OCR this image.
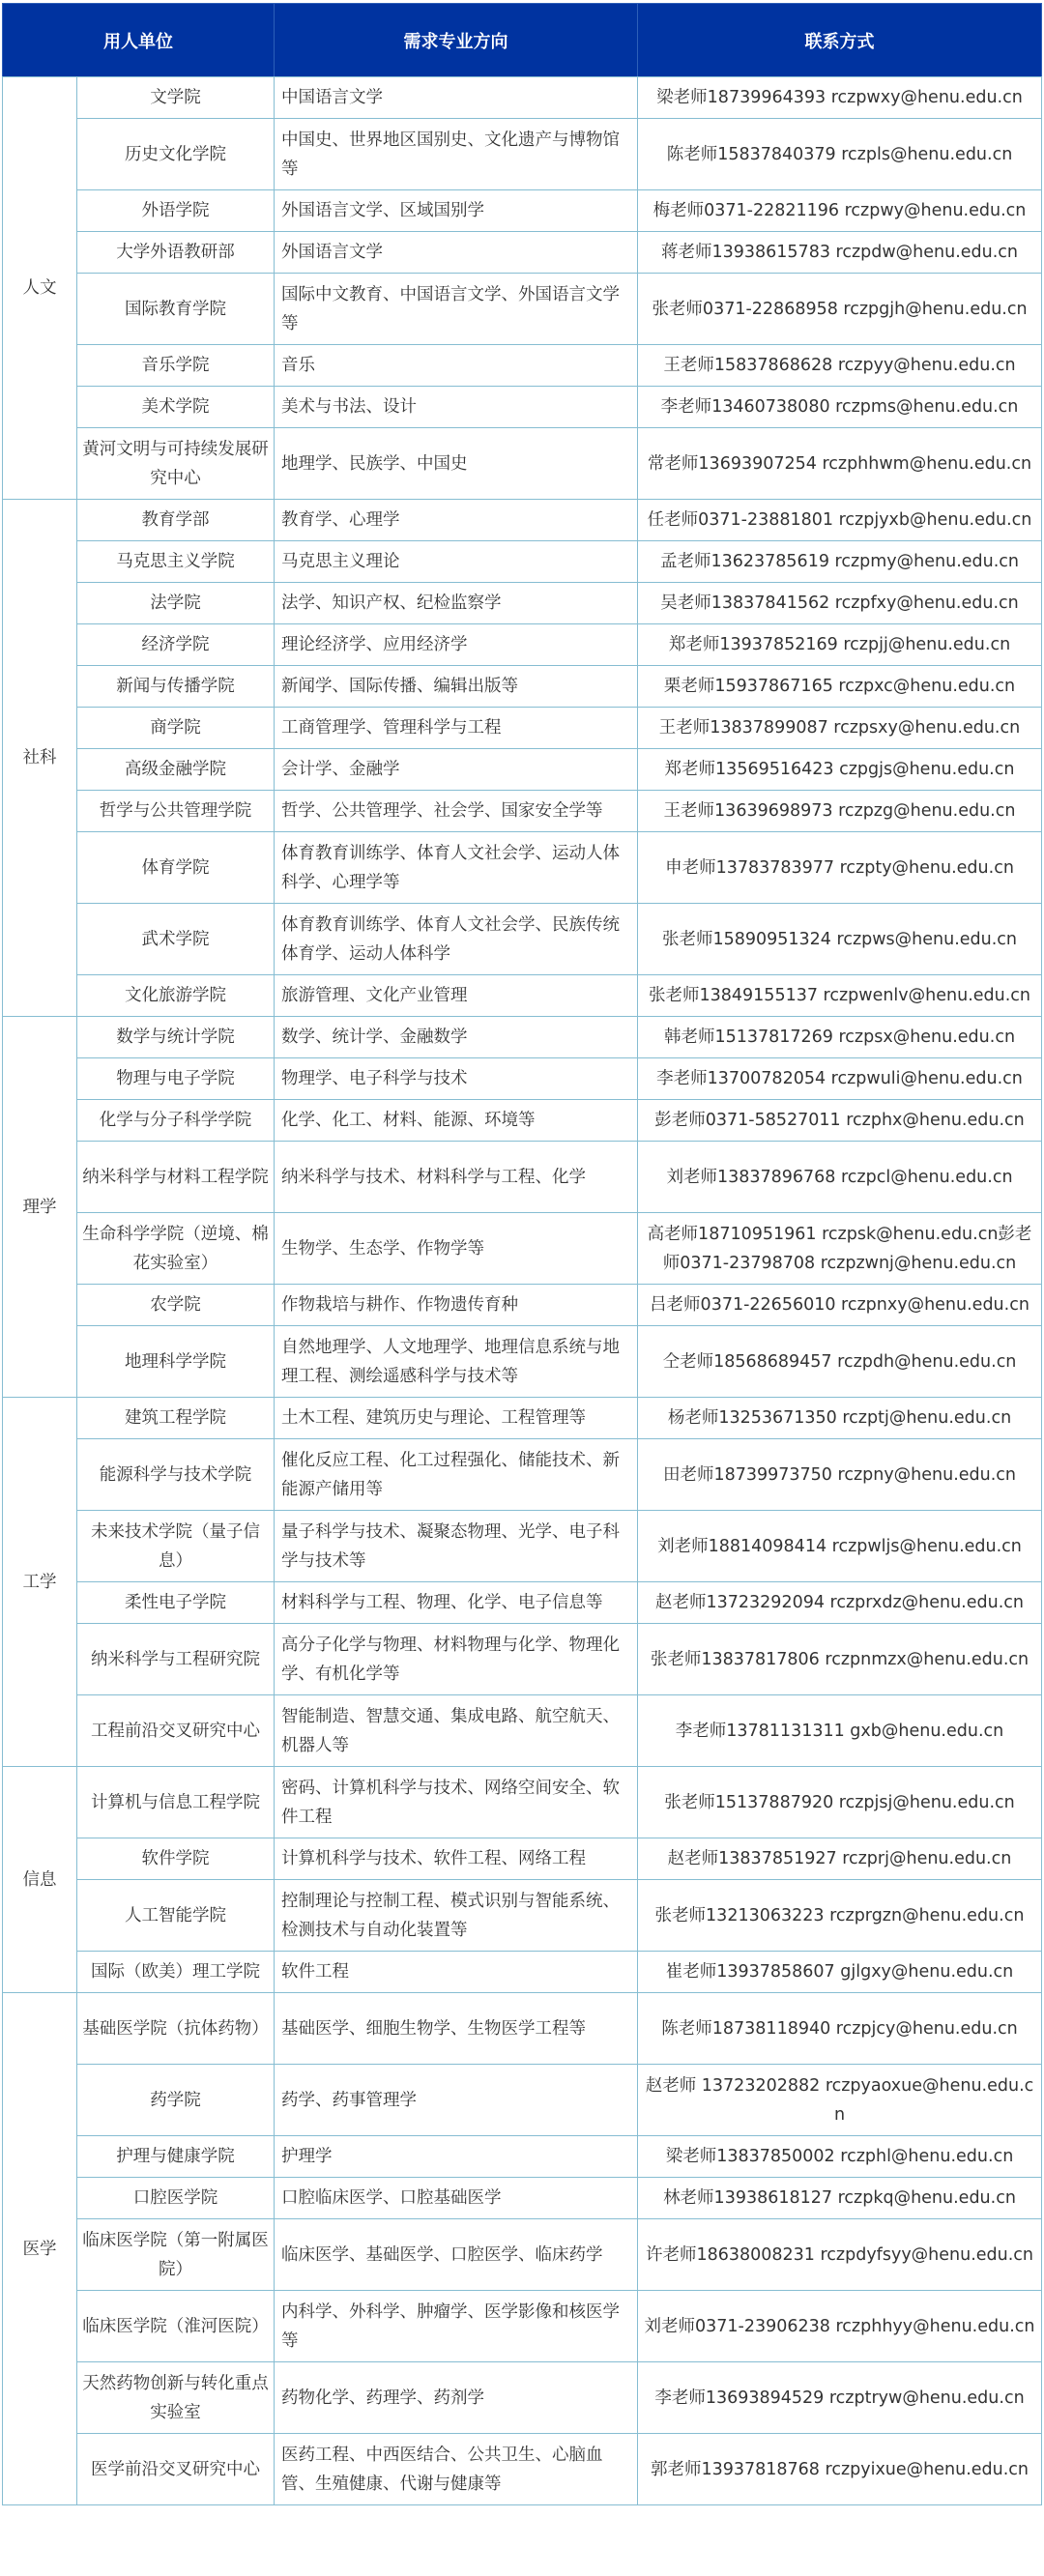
用人单位		需求专业方向	联系方式
人文	文学院	中国语言文学	梁老师18739964393 rczpwxy@henu.edu.cn
	历史文化学院	中国史、世界地区国别史、文化遗产与博物馆等	陈老师15837840379 rczpls@henu.edu.cn
	外语学院	外国语言文学、区域国别学	梅老师0371-22821196 rczpwy@henu.edu.cn
	大学外语教研部	外国语言文学	蒋老师13938615783 rczpdw@henu.edu.cn
	国际教育学院	国际中文教育、中国语言文学、外国语言文学等	张老师0371-22868958 rczpgjh@henu.edu.cn
	音乐学院	音乐	王老师15837868628 rczpyy@henu.edu.cn
	美术学院	美术与书法、设计	李老师13460738080 rczpms@henu.edu.cn
	黄河文明与可持续发展研究中心	地理学、民族学、中国史	常老师13693907254 rczphhwm@henu.edu.cn
社科	教育学部	教育学、心理学	任老师0371-23881801 rczpjyxb@henu.edu.cn
	马克思主义学院	马克思主义理论	孟老师13623785619 rczpmy@henu.edu.cn
	法学院	法学、知识产权、纪检监察学	吴老师13837841562 rczpfxy@henu.edu.cn
	经济学院	理论经济学、应用经济学	郑老师13937852169 rczpjj@henu.edu.cn
	新闻与传播学院	新闻学、国际传播、编辑出版等	栗老师15937867165 rczpxc@henu.edu.cn
	商学院	工商管理学、管理科学与工程	王老师13837899087 rczpsxy@henu.edu.cn
	高级金融学院	会计学、金融学	郑老师13569516423 czpgjs@henu.edu.cn
	哲学与公共管理学院	哲学、公共管理学、社会学、国家安全学等	王老师13639698973 rczpzg@henu.edu.cn
	体育学院	体育教育训练学、体育人文社会学、运动人体科学、心理学等	申老师13783783977 rczpty@henu.edu.cn
	武术学院	体育教育训练学、体育人文社会学、民族传统体育学、运动人体科学	张老师15890951324 rczpws@henu.edu.cn
	文化旅游学院	旅游管理、文化产业管理	张老师13849155137 rczpwenlv@henu.edu.cn
理学	数学与统计学院	数学、统计学、金融数学	韩老师15137817269 rczpsx@henu.edu.cn
	物理与电子学院	物理学、电子科学与技术	李老师13700782054 rczpwuli@henu.edu.cn
	化学与分子科学学院	化学、化工、材料、能源、环境等	彭老师0371-58527011 rczphx@henu.edu.cn
	纳米科学与材料工程学院	纳米科学与技术、材料科学与工程、化学	刘老师13837896768 rczpcl@henu.edu.cn
	生命科学学院（逆境、棉花实验室）	生物学、生态学、作物学等	高老师18710951961 rczpsk@henu.edu.cn彭老师0371-23798708 rczpzwnj@henu.edu.cn
	农学院	作物栽培与耕作、作物遗传育种	吕老师0371-22656010 rczpnxy@henu.edu.cn
	地理科学学院	自然地理学、人文地理学、地理信息系统与地理工程、测绘遥感科学与技术等	仝老师18568689457 rczpdh@henu.edu.cn
工学	建筑工程学院	土木工程、建筑历史与理论、工程管理等	杨老师13253671350 rczptj@henu.edu.cn
	能源科学与技术学院	催化反应工程、化工过程强化、储能技术、新能源产储用等	田老师18739973750 rczpny@henu.edu.cn
	未来技术学院（量子信息）	量子科学与技术、凝聚态物理、光学、电子科学与技术等	刘老师18814098414 rczpwljs@henu.edu.cn
	柔性电子学院	材料科学与工程、物理、化学、电子信息等	赵老师13723292094 rczprxdz@henu.edu.cn
	纳米科学与工程研究院	高分子化学与物理、材料物理与化学、物理化学、有机化学等	张老师13837817806 rczpnmzx@henu.edu.cn
	工程前沿交叉研究中心	智能制造、智慧交通、集成电路、航空航天、机器人等	李老师13781131311 gxb@henu.edu.cn
信息	计算机与信息工程学院	密码、计算机科学与技术、网络空间安全、软件工程	张老师15137887920 rczpjsj@henu.edu.cn
	软件学院	计算机科学与技术、软件工程、网络工程	赵老师13837851927 rczprj@henu.edu.cn
	人工智能学院	控制理论与控制工程、模式识别与智能系统、检测技术与自动化装置等	张老师13213063223 rczprgzn@henu.edu.cn
	国际（欧美）理工学院	软件工程	崔老师13937858607 gjlgxy@henu.edu.cn
医学	基础医学院（抗体药物）	基础医学、细胞生物学、生物医学工程等	陈老师18738118940 rczpjcy@henu.edu.cn
	药学院	药学、药事管理学	赵老师 13723202882 rczpyaoxue@henu.edu.cn
	护理与健康学院	护理学	梁老师13837850002 rczphl@henu.edu.cn
	口腔医学院	口腔临床医学、口腔基础医学	林老师13938618127 rczpkq@henu.edu.cn
	临床医学院（第一附属医院）	临床医学、基础医学、口腔医学、临床药学	许老师18638008231 rczpdyfsyy@henu.edu.cn
	临床医学院（淮河医院）	内科学、外科学、肿瘤学、医学影像和核医学等	刘老师0371-23906238 rczphhyy@henu.edu.cn
	天然药物创新与转化重点实验室	药物化学、药理学、药剂学	李老师13693894529 rczptryw@henu.edu.cn
	医学前沿交叉研究中心	医药工程、中西医结合、公共卫生、心脑血管、生殖健康、代谢与健康等	郭老师13937818768 rczpyixue@henu.edu.cn
